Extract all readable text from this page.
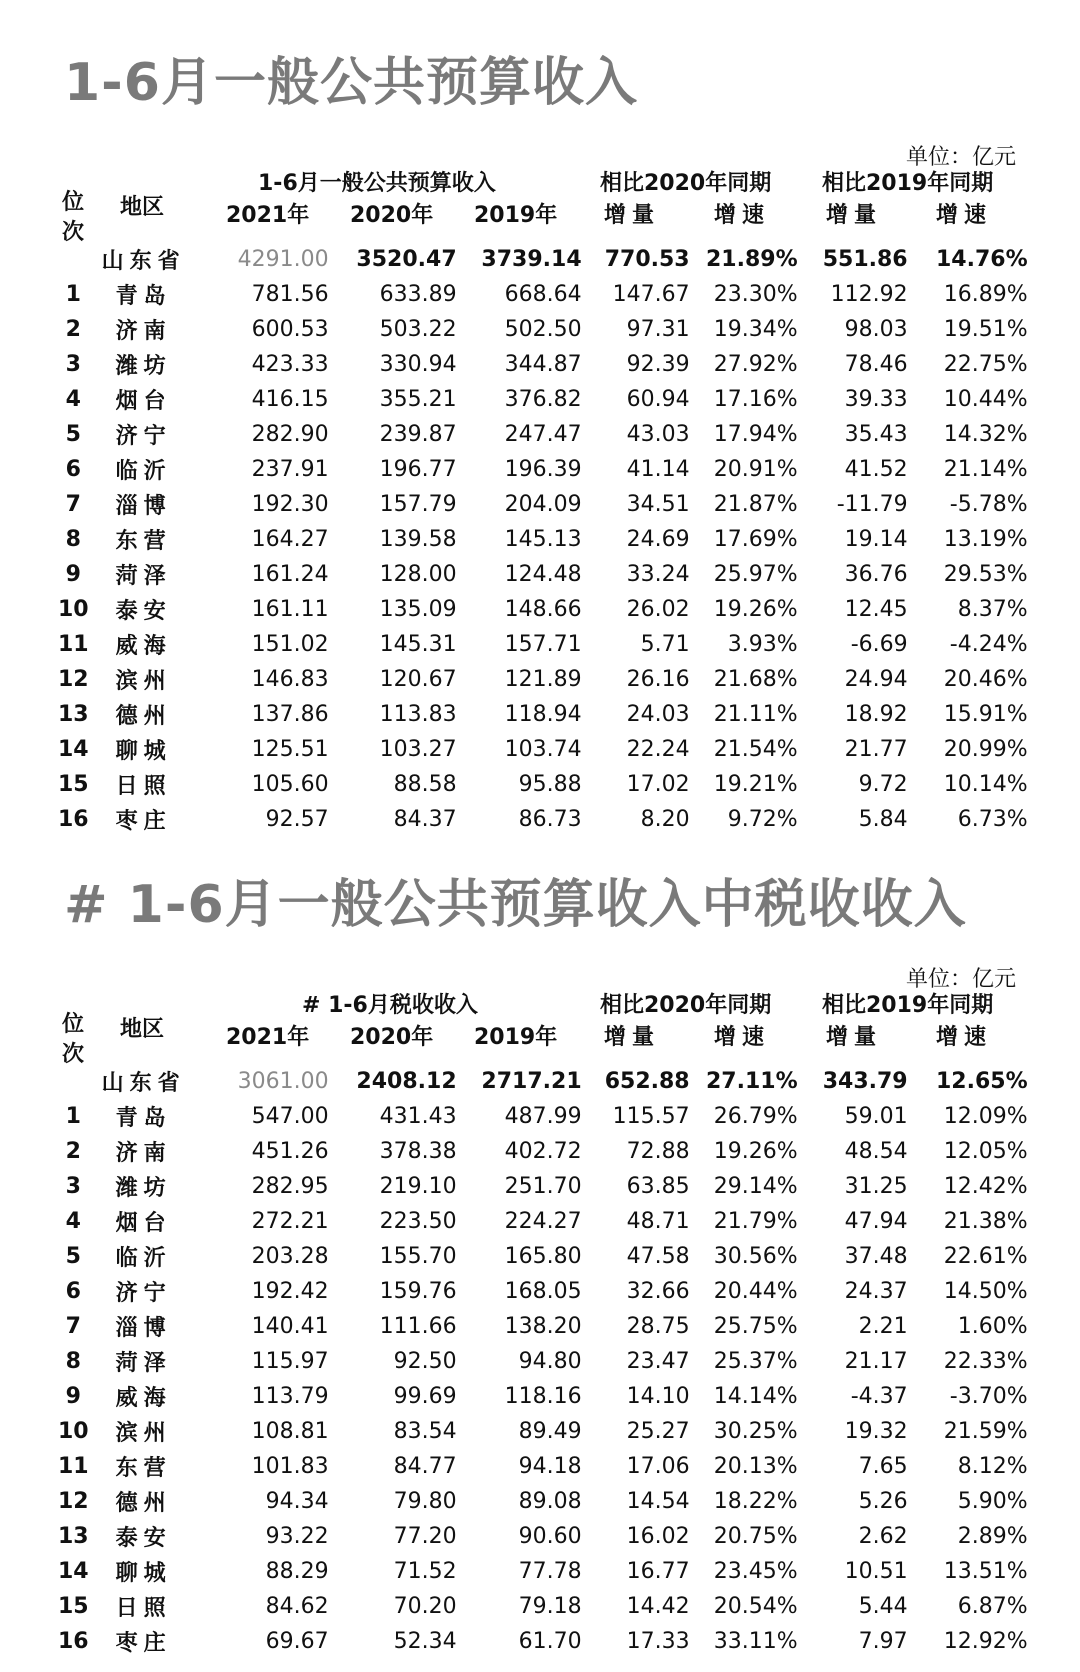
1-6月一般公共预算收入
单位：亿元
位次
地区
1-6月一般公共预算收入	相比2020年同期 相比2019年同期
2021年 2020年 2019年 增量 增速	增量 增速
	山东省	4291.00	3520.47	3739.14	770.53	21.89%	551.86	14.76%
1	青岛	781.56	633.89	668.64	147.67	23.30%	112.92	16.89%
2	济南	600.53	503.22	502.50	97.31	19.34%	98.03	19.51%
3	潍坊	423.33	330.94	344.87	92.39	27.92%	78.46	22.75%
4	烟台	416.15	355.21	376.82	60.94	17.16%	39.33	10.44%
5	济宁	282.90	239.87	247.47	43.03	17.94%	35.43	14.32%
6	临沂	237.91	196.77	196.39	41.14	20.91%	41.52	21.14%
7	淄博	192.30	157.79	204.09	34.51	21.87%	-11.79	-5.78%
8	东营	164.27	139.58	145.13	24.69	17.69%	19.14	13.19%
9	菏泽	161.24	128.00	124.48	33.24	25.97%	36.76	29.53%
10	泰安	161.11	135.09	148.66	26.02	19.26%	12.45	8.37%
11	威海	151.02	145.31	157.71	5.71	3.93%	-6.69	-4.24%
12	滨州	146.83	120.67	121.89	26.16	21.68%	24.94	20.46%
13	德州	137.86	113.83	118.94	24.03	21.11%	18.92	15.91%
14	聊城	125.51	103.27	103.74	22.24	21.54%	21.77	20.99%
15	日照	105.60	88.58	95.88	17.02	19.21%	9.72	10.14%
16	枣庄	92.57	84.37	86.73	8.20	9.72%	5.84	6.73%
# 1-6月一般公共预算收入中税收收入
单位：亿元
位次
地区
# 1-6月税收收入	相比2020年同期 相比2019年同期
2021年 2020年 2019年 增量 增速	增量 增速
	山东省	3061.00	2408.12	2717.21	652.88	27.11%	343.79	12.65%
1	青岛	547.00	431.43	487.99	115.57	26.79%	59.01	12.09%
2	济南	451.26	378.38	402.72	72.88	19.26%	48.54	12.05%
3	潍坊	282.95	219.10	251.70	63.85	29.14%	31.25	12.42%
4	烟台	272.21	223.50	224.27	48.71	21.79%	47.94	21.38%
5	临沂	203.28	155.70	165.80	47.58	30.56%	37.48	22.61%
6	济宁	192.42	159.76	168.05	32.66	20.44%	24.37	14.50%
7	淄博	140.41	111.66	138.20	28.75	25.75%	2.21	1.60%
8	菏泽	115.97	92.50	94.80	23.47	25.37%	21.17	22.33%
9	威海	113.79	99.69	118.16	14.10	14.14%	-4.37	-3.70%
10	滨州	108.81	83.54	89.49	25.27	30.25%	19.32	21.59%
11	东营	101.83	84.77	94.18	17.06	20.13%	7.65	8.12%
12	德州	94.34	79.80	89.08	14.54	18.22%	5.26	5.90%
13	泰安	93.22	77.20	90.60	16.02	20.75%	2.62	2.89%
14	聊城	88.29	71.52	77.78	16.77	23.45%	10.51	13.51%
15	日照	84.62	70.20	79.18	14.42	20.54%	5.44	6.87%
16	枣庄	69.67	52.34	61.70	17.33	33.11%	7.97	12.92%
